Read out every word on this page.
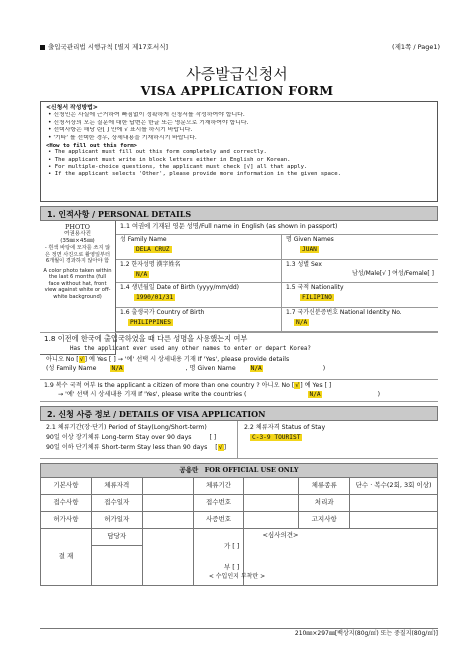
출입국관리법 시행규칙 [별지 제17호서식]	(제1쪽 / Page1)
사증발급신청서
VISA APPLICATION FORM
<신청서 작성방법>
• 신청인은 사실에 근거하여 빠짐없이 정확하게 신청서를 작성하여야 합니다.
• 신청서상의 모든 질문에 대한 답변은 한글 또는 영문으로 기재하여야 합니다.
• 선택사항은 해당 란[ ] 안에 √ 표시를 하시기 바랍니다.
• '기타' 를 선택한 경우, 상세내용을 기재하시기 바랍니다.
<How to fill out this form>
• The applicant must fill out this form completely and correctly.
• The applicant must write in block letters either in English or Korean.
• For multiple-choice questions, the applicant must check [√] all that apply.
• If the applicant selects 'Other', please provide more information in the given space.
1. 인적사항 / PERSONAL DETAILS
PHOTO
여권용사진
(35㎜×45㎜)
- 흰색 바탕에 모자를 쓰지 않은 정면 사진으로 촬영일부터 6개월이 경과하지 않아야 함
A color photo taken within the last 6 months (full face without hat, front view against white or off-white background)
1.1 여권에 기재된 영문 성명/Full name in English (as shown in passport)
성 Family Name
DELA CRUZ
명 Given Names
JUAN
1.2 한자성명 漢字姓名
N/A
1.3 성별 Sex
남성/Male[√ ] 여성/Female[ ]
1.4 생년월일 Date of Birth (yyyy/mm/dd)
1990/01/31
1.5 국적 Nationality
FILIPINO
1.6 출생국가 Country of Birth
PHILIPPINES
1.7 국가신분증번호 National Identity No.
N/A
1.8 이전에 한국에 출입국하였을 때 다른 성명을 사용했는지 여부
Has the applicant ever used any other names to enter or depart Korea?
아니오 No [√] 예 Yes [ ] → '예' 선택 시 상세내용 기재 If 'Yes', please provide details
(성 Family Name N/A	, 명 Given Name N/A	)
1.9 복수 국적 여부 Is the applicant a citizen of more than one country ? 아니오 No [√] 예 Yes [ ]
→ '예' 선택 시 상세내용 기재 If 'Yes', please write the countries (	N/A	)
2. 신청 사증 정보 / DETAILS OF VISA APPLICATION
2.1 체류기간(장·단기) Period of Stay(Long/Short-term)
90일 이상 장기체류 Long-term Stay over 90 days	[ ]
90일 이하 단기체류 Short-term Stay less than 90 days [√]
2.2 체류자격 Status of Stay
C-3-9 TOURIST
공용란 FOR OFFICIAL USE ONLY						
기본사항	체류자격		체류기간		체류종류	단수 · 복수(2회, 3회 이상)
접수사항	접수일자		접수번호		처리과	
허가사항	허가일자		사증번호		고지사항	
결 재	담당자		가 [ ]
부 [ ]	<심사의견>		

< 수입인지 부착란 >
210㎜×297㎜[백상지(80g/㎡) 또는 중질지(80g/㎡)]
